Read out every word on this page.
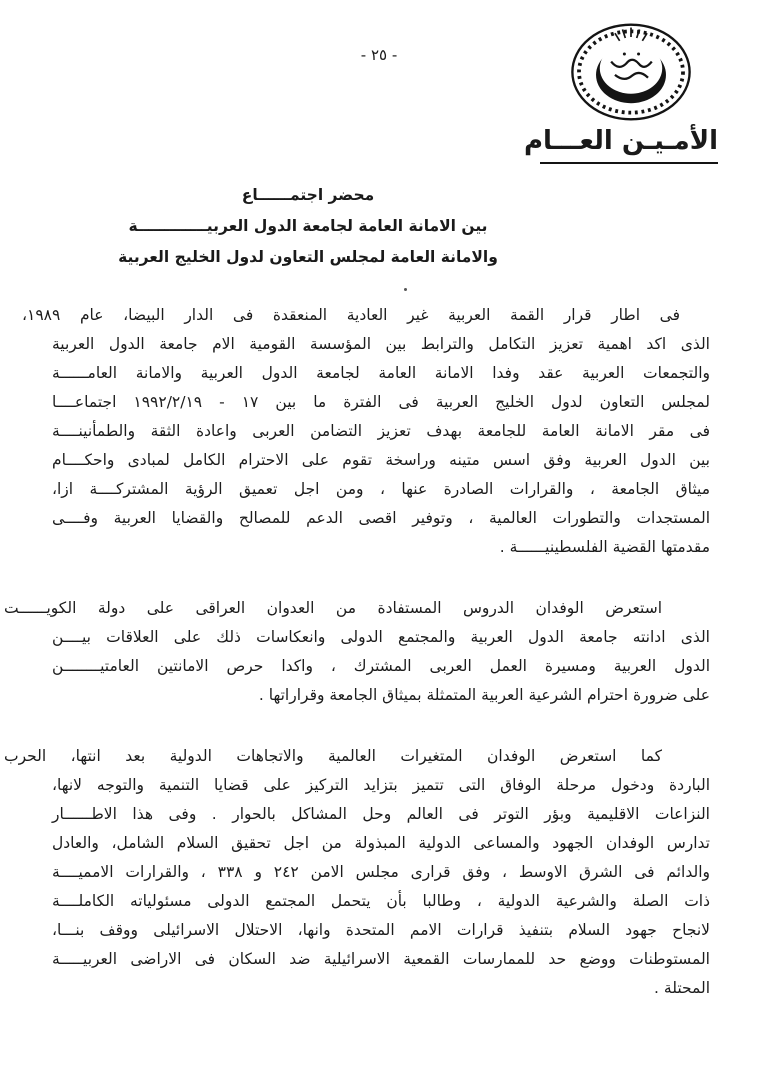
- ٢٥ -
الأمـيـن العـــام
محضر اجتمــــــاع
بين الامانة العامة لجامعة الدول العربيـــــــــــــة
والامانة العامة لمجلس التعاون لدول الخليج العربية
فى اطار قرار القمة العربية غير العادية المنعقدة فى الدار البيضا، عام ١٩٨٩،
الذى اكد اهمية تعزيز التكامل والترابط بين المؤسسة القومية الام جامعة الدول العربية
والتجمعات العربية عقد وفدا الامانة العامة لجامعة الدول العربية والامانة العامــــــة
لمجلس التعاون لدول الخليج العربية فى الفترة ما بين ١٧ - ١٩٩٢/٢/١٩ اجتماعــــا
فى مقر الامانة العامة للجامعة بهدف تعزيز التضامن العربى واعادة الثقة والطمأنينــــة
بين الدول العربية وفق اسس متينه وراسخة تقوم على الاحترام الكامل لمبادى واحكــــام
ميثاق الجامعة ، والقرارات الصادرة عنها ، ومن اجل تعميق الرؤية المشتركــــة ازا،
المستجدات والتطورات العالمية ، وتوفير اقصى الدعم للمصالح والقضايا العربية وفــــى
مقدمتها القضية الفلسطينيــــــة .
استعرض الوفدان الدروس المستفادة من العدوان العراقى على دولة الكويــــــت
الذى ادانته جامعة الدول العربية والمجتمع الدولى وانعكاسات ذلك على العلاقات بيــــن
الدول العربية ومسيرة العمل العربى المشترك ، واكدا حرص الامانتين العامتيــــــــن
على ضرورة احترام الشرعية العربية المتمثلة بميثاق الجامعة وقراراتها .
كما استعرض الوفدان المتغيرات العالمية والاتجاهات الدولية بعد انتها، الحرب
الباردة ودخول مرحلة الوفاق التى تتميز بتزايد التركيز على قضايا التنمية والتوجه لانها،
النزاعات الاقليمية وبؤر التوتر فى العالم وحل المشاكل بالحوار . وفى هذا الاطــــــار
تدارس الوفدان الجهود والمساعى الدولية المبذولة من اجل تحقيق السلام الشامل، والعادل
والدائم فى الشرق الاوسط ، وفق قرارى مجلس الامن ٢٤٢ و ٣٣٨ ، والقرارات الامميــــة
ذات الصلة والشرعية الدولية ، وطالبا بأن يتحمل المجتمع الدولى مسئولياته الكاملــــة
لانجاح جهود السلام بتنفيذ قرارات الامم المتحدة وانها، الاحتلال الاسرائيلى ووقف بنـــا،
المستوطنات ووضع حد للممارسات القمعية الاسرائيلية ضد السكان فى الاراضى العربيـــــة
المحتلة .
